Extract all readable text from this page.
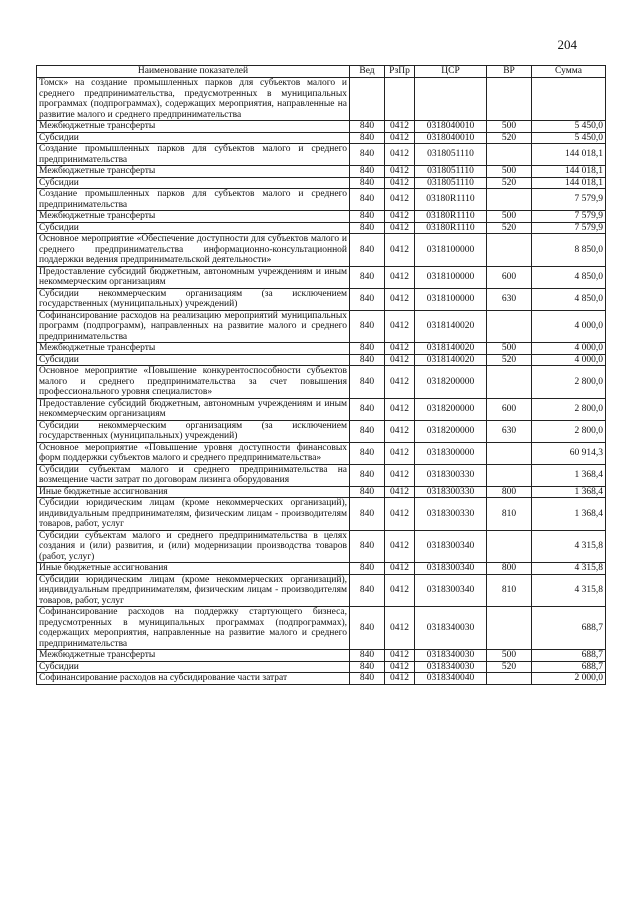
204
Наименование показателей	Вед	РзПр	ЦСР	ВР	Сумма
Томск» на создание промышленных парков для субъектов малого и среднего предпринимательства, предусмотренных в муниципальных программах (подпрограммах), содержащих мероприятия, направленные на развитие малого и среднего предпринимательства					
Межбюджетные трансферты	840	0412	0318040010	500	5 450,0
Субсидии	840	0412	0318040010	520	5 450,0
Создание промышленных парков для субъектов малого и среднего предпринимательства	840	0412	0318051110		144 018,1
Межбюджетные трансферты	840	0412	0318051110	500	144 018,1
Субсидии	840	0412	0318051110	520	144 018,1
Создание промышленных парков для субъектов малого и среднего предпринимательства	840	0412	03180R1110		7 579,9
Межбюджетные трансферты	840	0412	03180R1110	500	7 579,9
Субсидии	840	0412	03180R1110	520	7 579,9
Основное мероприятие «Обеспечение доступности для субъектов малого и среднего предпринимательства информационно-консультационной поддержки ведения предпринимательской деятельности»	840	0412	0318100000		8 850,0
Предоставление субсидий бюджетным, автономным учреждениям и иным некоммерческим организациям	840	0412	0318100000	600	4 850,0
Субсидии некоммерческим организациям (за исключением государственных (муниципальных) учреждений)	840	0412	0318100000	630	4 850,0
Софинансирование расходов на реализацию мероприятий муниципальных программ (подпрограмм), направленных на развитие малого и среднего предпринимательства	840	0412	0318140020		4 000,0
Межбюджетные трансферты	840	0412	0318140020	500	4 000,0
Субсидии	840	0412	0318140020	520	4 000,0
Основное мероприятие «Повышение конкурентоспособности субъектов малого и среднего предпринимательства за счет повышения профессионального уровня специалистов»	840	0412	0318200000		2 800,0
Предоставление субсидий бюджетным, автономным учреждениям и иным некоммерческим организациям	840	0412	0318200000	600	2 800,0
Субсидии некоммерческим организациям (за исключением государственных (муниципальных) учреждений)	840	0412	0318200000	630	2 800,0
Основное мероприятие «Повышение уровня доступности финансовых форм поддержки субъектов малого и среднего предпринимательства»	840	0412	0318300000		60 914,3
Субсидии субъектам малого и среднего предпринимательства на возмещение части затрат по договорам лизинга оборудования	840	0412	0318300330		1 368,4
Иные бюджетные ассигнования	840	0412	0318300330	800	1 368,4
Субсидии юридическим лицам (кроме некоммерческих организаций), индивидуальным предпринимателям, физическим лицам - производителям товаров, работ, услуг	840	0412	0318300330	810	1 368,4
Субсидии субъектам малого и среднего предпринимательства в целях создания и (или) развития, и (или) модернизации производства товаров (работ, услуг)	840	0412	0318300340		4 315,8
Иные бюджетные ассигнования	840	0412	0318300340	800	4 315,8
Субсидии юридическим лицам (кроме некоммерческих организаций), индивидуальным предпринимателям, физическим лицам - производителям товаров, работ, услуг	840	0412	0318300340	810	4 315,8
Софинансирование расходов на поддержку стартующего бизнеса, предусмотренных в муниципальных программах (подпрограммах), содержащих мероприятия, направленные на развитие малого и среднего предпринимательства	840	0412	0318340030		688,7
Межбюджетные трансферты	840	0412	0318340030	500	688,7
Субсидии	840	0412	0318340030	520	688,7
Софинансирование расходов на субсидирование части затрат	840	0412	0318340040		2 000,0
